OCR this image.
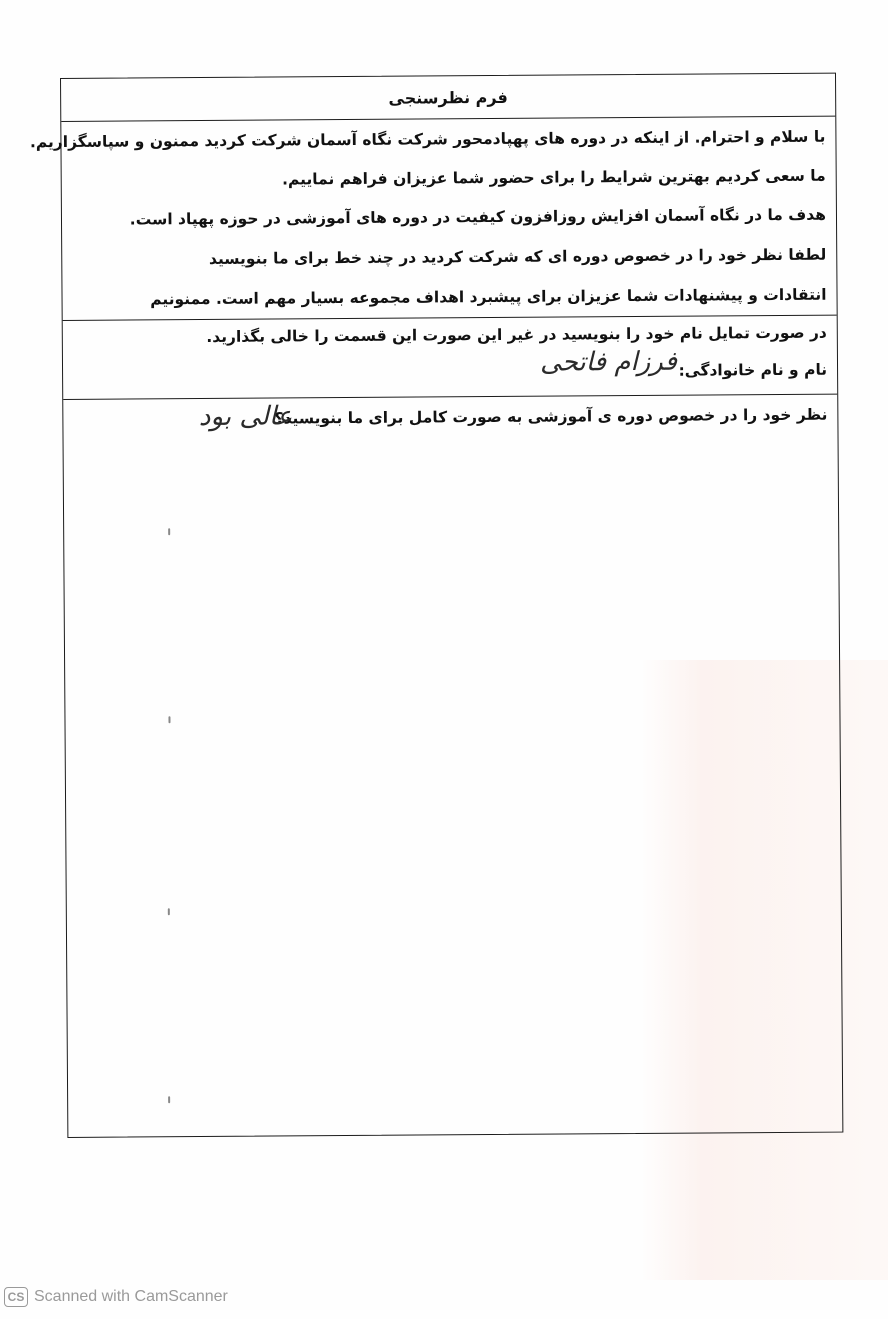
فرم نظرسنجی
با سلام و احترام. از اینکه در دوره های پهپادمحور شرکت نگاه آسمان شرکت کردید ممنون و سپاسگزاریم.
ما سعی کردیم بهترین شرایط را برای حضور شما عزیزان فراهم نماییم.
هدف ما در نگاه آسمان افزایش روزافزون کیفیت در دوره های آموزشی در حوزه پهپاد است.
لطفا نظر خود را در خصوص دوره ای که شرکت کردید در چند خط برای ما بنویسید
انتقادات و پیشنهادات شما عزیزان برای پیشبرد اهداف مجموعه بسیار مهم است. ممنونیم
در صورت تمایل نام خود را بنویسید در غیر این صورت این قسمت را خالی بگذارید.
نام و نام خانوادگی:
فرزام فاتحی
نظر خود را در خصوص دوره ی آموزشی به صورت کامل برای ما بنویسید؟
عالی بود
CS Scanned with CamScanner
